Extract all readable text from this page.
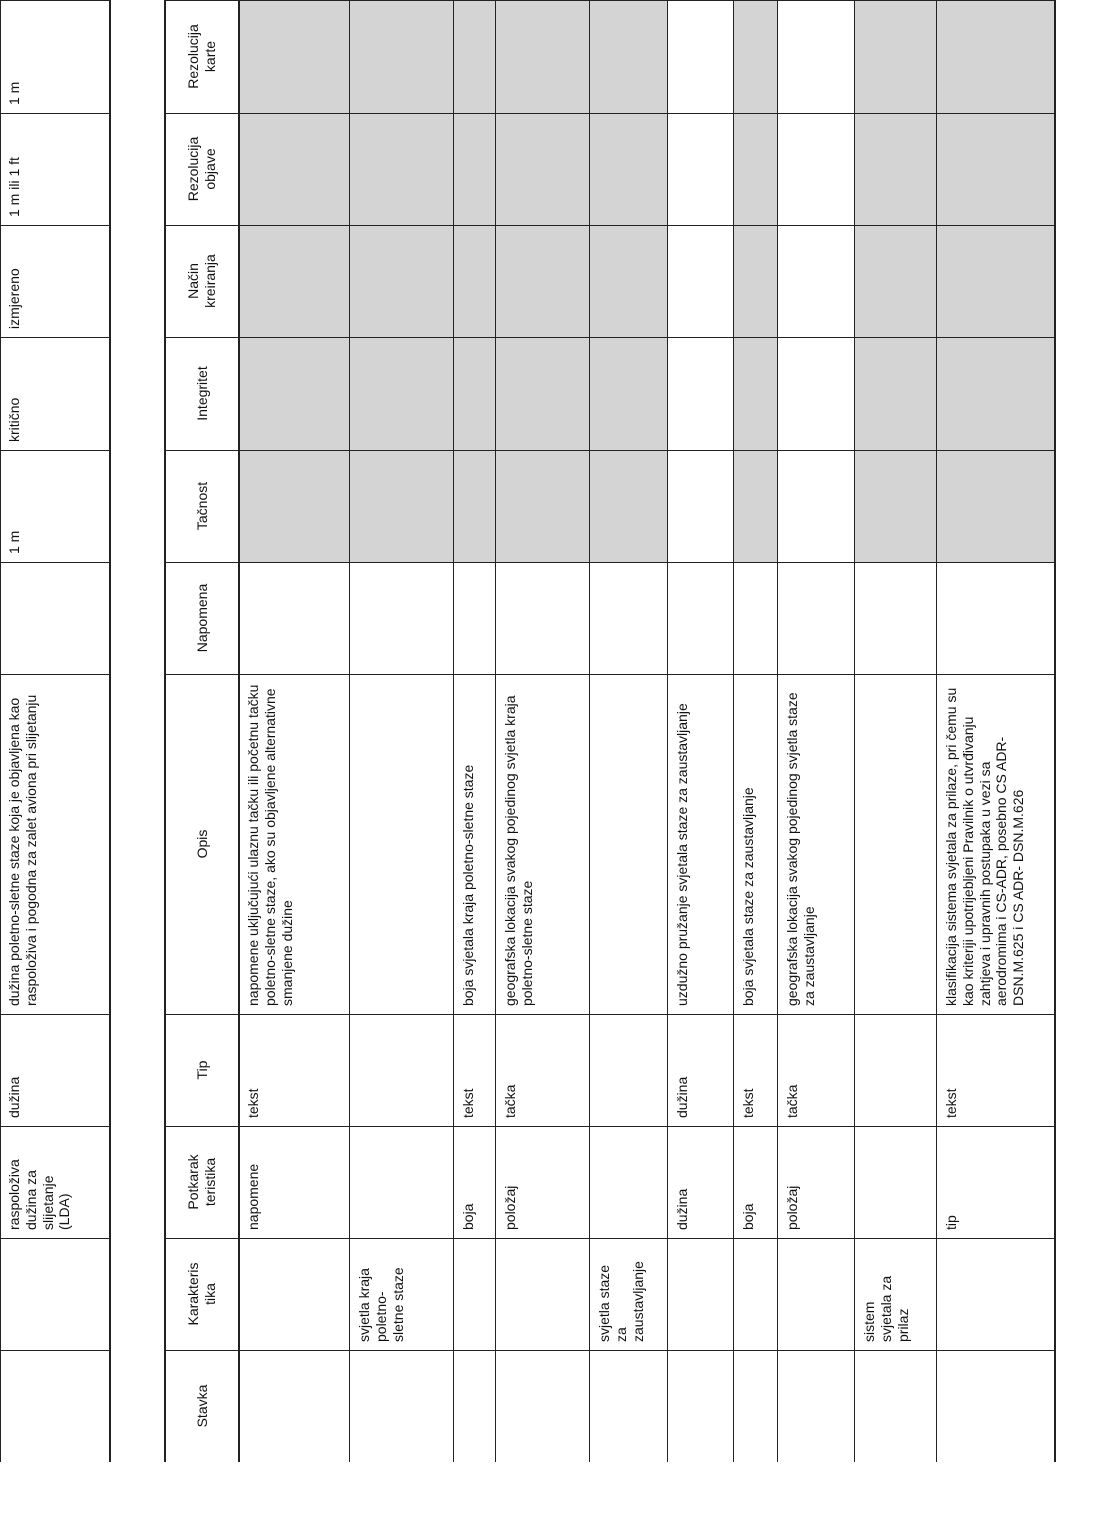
raspoloživa
dužina za
slijetanje
(LDA)
dužina
dužina poletno-sletne staze koja je objavljena kao raspoloživa i pogodna za zalet aviona pri slijetanju
1 m
kritično
izmjereno
1 m ili 1 ft
1 m
Stavka
Karakteris
tika
Potkarak
teristika
Tip
Opis
Napomena
Tačnost
Integritet
Način
kreiranja
Rezolucija
objave
Rezolucija
karte
napomene
tekst
napomene uključujući ulaznu tačku ili početnu tačku poletno-sletne staze, ako su objavljene alternativne smanjene dužine
svjetla kraja
poletno-
sletne staze
boja
tekst
boja svjetala kraja poletno-sletne staze
položaj
tačka
geografska lokacija svakog pojedinog svjetla kraja poletno-sletne staze
svjetla staze
za
zaustavljanje
dužina
dužina
uzdužno pružanje svjetala staze za zaustavljanje
boja
tekst
boja svjetala staze za zaustavljanje
položaj
tačka
geografska lokacija svakog pojedinog svjetla staze za zaustavljanje
sistem
svjetala za
prilaz
tip
tekst
klasifikacija sistema svjetala za prilaze, pri čemu su kao kriteriji upotrijebljeni Pravilnik o utvrđivanju zahtjeva i upravnih postupaka u vezi sa aerodromima i CS-ADR, posebno CS ADR-DSN.M.625 i CS ADR- DSN.M.626
